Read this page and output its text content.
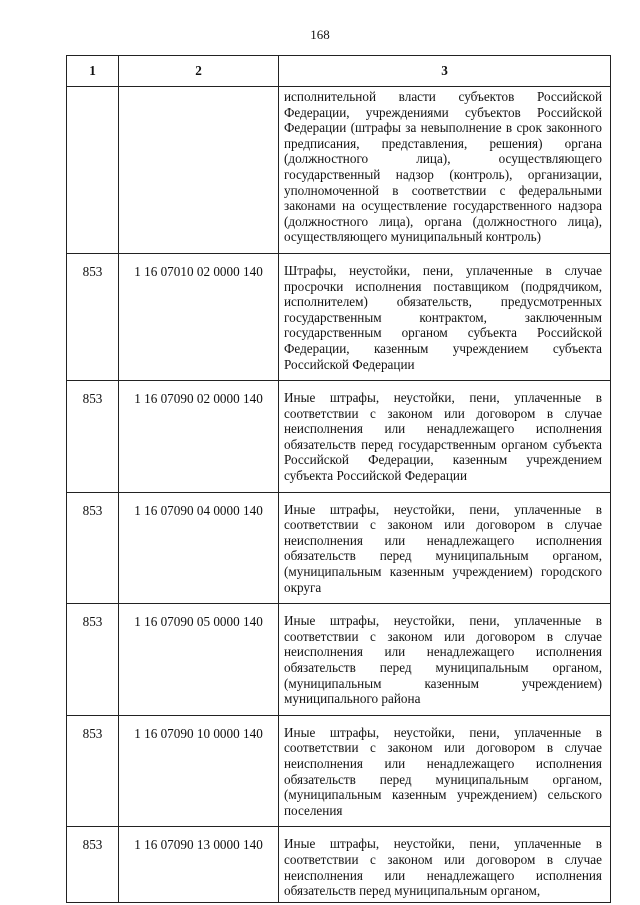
168
1	2	3
		исполнительной власти субъектов Российской Федерации, учреждениями субъектов Российской Федерации (штрафы за невыполнение в срок законного предписания, представления, решения) органа (должностного лица), осуществляющего государственный надзор (контроль), организации, уполномоченной в соответствии с федеральными законами на осуществление государственного надзора (должностного лица), органа (должностного лица), осуществляющего муниципальный контроль)
853	1 16 07010 02 0000 140	Штрафы, неустойки, пени, уплаченные в случае просрочки исполнения поставщиком (подрядчиком, исполнителем) обязательств, предусмотренных государственным контрактом, заключенным государственным органом субъекта Российской Федерации, казенным учреждением субъекта Российской Федерации
853	1 16 07090 02 0000 140	Иные штрафы, неустойки, пени, уплаченные в соответствии с законом или договором в случае неисполнения или ненадлежащего исполнения обязательств перед государственным органом субъекта Российской Федерации, казенным учреждением субъекта Российской Федерации
853	1 16 07090 04 0000 140	Иные штрафы, неустойки, пени, уплаченные в соответствии с законом или договором в случае неисполнения или ненадлежащего исполнения обязательств перед муниципальным органом, (муниципальным казенным учреждением) городского округа
853	1 16 07090 05 0000 140	Иные штрафы, неустойки, пени, уплаченные в соответствии с законом или договором в случае неисполнения или ненадлежащего исполнения обязательств перед муниципальным органом, (муниципальным казенным учреждением) муниципального района
853	1 16 07090 10 0000 140	Иные штрафы, неустойки, пени, уплаченные в соответствии с законом или договором в случае неисполнения или ненадлежащего исполнения обязательств перед муниципальным органом, (муниципальным казенным учреждением) сельского поселения
853	1 16 07090 13 0000 140	Иные штрафы, неустойки, пени, уплаченные в соответствии с законом или договором в случае неисполнения или ненадлежащего исполнения обязательств перед муниципальным органом,
